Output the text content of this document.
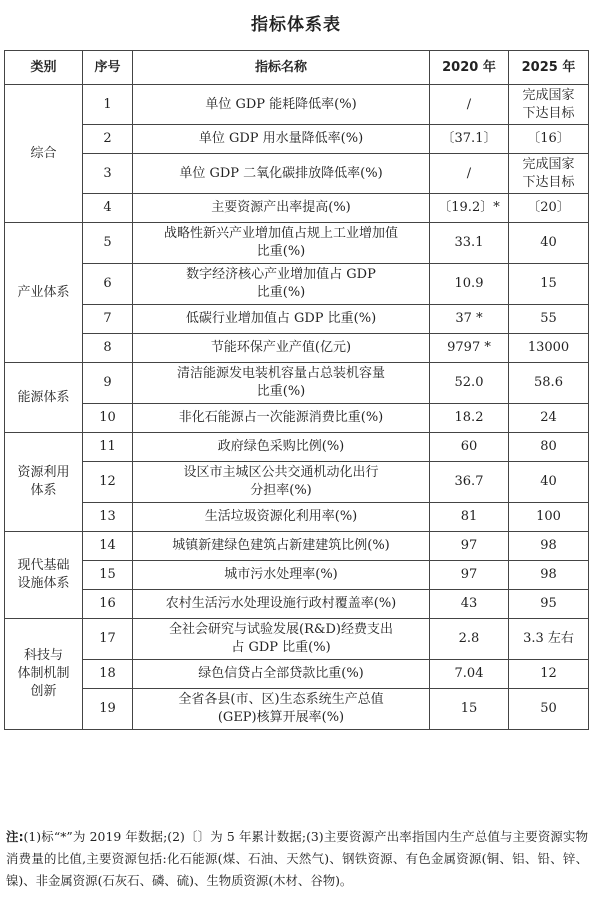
指标体系表
类别	序号	指标名称	2020 年	2025 年
综合	1	单位 GDP 能耗降低率(%)	/	完成国家
下达目标
	2	单位 GDP 用水量降低率(%)	〔37.1〕	〔16〕
	3	单位 GDP 二氧化碳排放降低率(%)	/	完成国家
下达目标
	4	主要资源产出率提高(%)	〔19.2〕*	〔20〕
产业体系	5	战略性新兴产业增加值占规上工业增加值
比重(%)	33.1	40
	6	数字经济核心产业增加值占 GDP
比重(%)	10.9	15
	7	低碳行业增加值占 GDP 比重(%)	37 *	55
	8	节能环保产业产值(亿元)	9797 *	13000
能源体系	9	清洁能源发电装机容量占总装机容量
比重(%)	52.0	58.6
	10	非化石能源占一次能源消费比重(%)	18.2	24
资源利用
体系	11	政府绿色采购比例(%)	60	80
	12	设区市主城区公共交通机动化出行
分担率(%)	36.7	40
	13	生活垃圾资源化利用率(%)	81	100
现代基础
设施体系	14	城镇新建绿色建筑占新建建筑比例(%)	97	98
	15	城市污水处理率(%)	97	98
	16	农村生活污水处理设施行政村覆盖率(%)	43	95
科技与
体制机制
创新	17	全社会研究与试验发展(R&D)经费支出
占 GDP 比重(%)	2.8	3.3 左右
	18	绿色信贷占全部贷款比重(%)	7.04	12
	19	全省各县(市、区)生态系统生产总值
(GEP)核算开展率(%)	15	50
注:(1)标“*”为 2019 年数据;(2)〔〕为 5 年累计数据;(3)主要资源产出率指国内生产总值与主要资源实物消费量的比值,主要资源包括:化石能源(煤、石油、天然气)、钢铁资源、有色金属资源(铜、铝、铅、锌、镍)、非金属资源(石灰石、磷、硫)、生物质资源(木材、谷物)。
